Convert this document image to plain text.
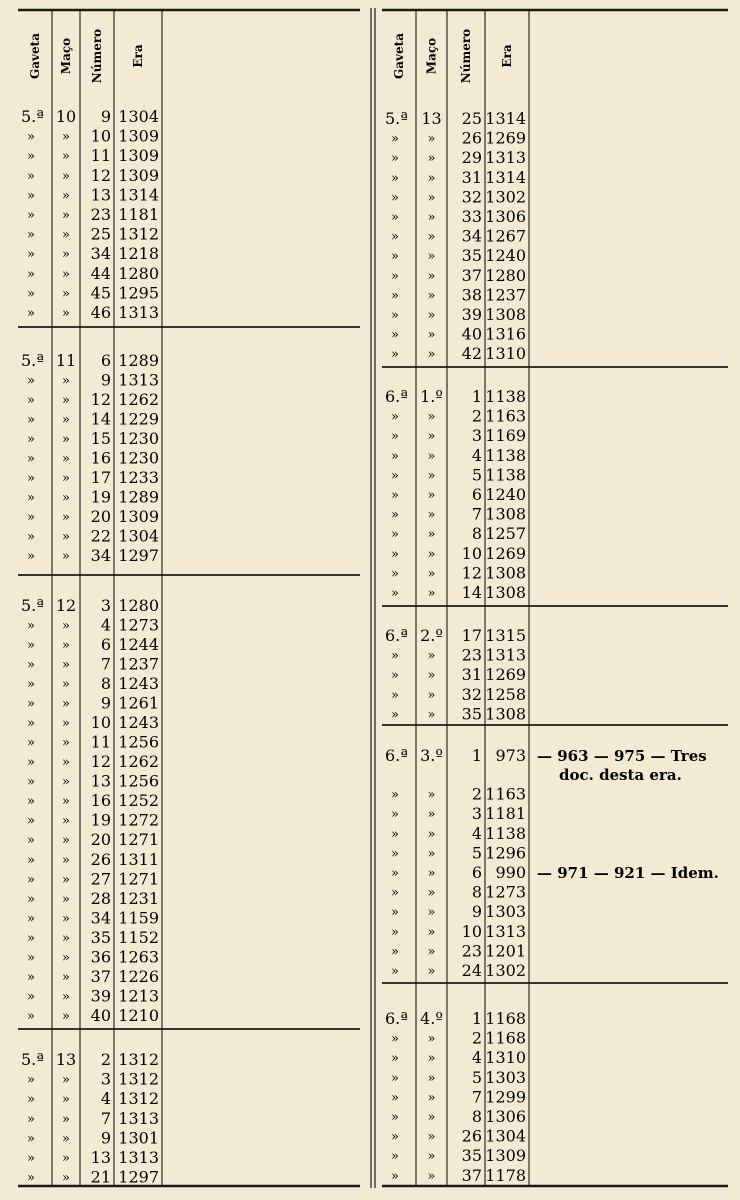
Gaveta Maço Número Era
5.ª 10 9 1304
» » 10 1309
» » 11 1309
» » 12 1309
» » 13 1314
» » 23 1181
» » 25 1312
» » 34 1218
» » 44 1280
» » 45 1295
» » 46 1313
5.ª 11 6 1289
» » 9 1313
» » 12 1262
» » 14 1229
» » 15 1230
» » 16 1230
» » 17 1233
» » 19 1289
» » 20 1309
» » 22 1304
» » 34 1297
5.ª 12 3 1280
» » 4 1273
» » 6 1244
» » 7 1237
» » 8 1243
» » 9 1261
» » 10 1243
» » 11 1256
» » 12 1262
» » 13 1256
» » 16 1252
» » 19 1272
» » 20 1271
» » 26 1311
» » 27 1271
» » 28 1231
» » 34 1159
» » 35 1152
» » 36 1263
» » 37 1226
» » 39 1213
» » 40 1210
5.ª 13 2 1312
» » 3 1312
» » 4 1312
» » 7 1313
» » 9 1301
» » 13 1313
» » 21 1297
Gaveta Maço Número Era
5.ª 13 25 1314
» » 26 1269
» » 29 1313
» » 31 1314
» » 32 1302
» » 33 1306
» » 34 1267
» » 35 1240
» » 37 1280
» » 38 1237
» » 39 1308
» » 40 1316
» » 42 1310
6.ª 1.º 1 1138
» » 2 1163
» » 3 1169
» » 4 1138
» » 5 1138
» » 6 1240
» » 7 1308
» » 8 1257
» » 10 1269
» » 12 1308
» » 14 1308
6.ª 2.º 17 1315
» » 23 1313
» » 31 1269
» » 32 1258
» » 35 1308
6.ª 3.º 1 973 — 963 — 975 — Tres
doc. desta era.
» » 2 1163
» » 3 1181
» » 4 1138
» » 5 1296
» » 6 990 — 971 — 921 — Idem.
» » 8 1273
» » 9 1303
» » 10 1313
» » 23 1201
» » 24 1302
6.ª 4.º 1 1168
» » 2 1168
» » 4 1310
» » 5 1303
» » 7 1299
» » 8 1306
» » 26 1304
» » 35 1309
» » 37 1178
